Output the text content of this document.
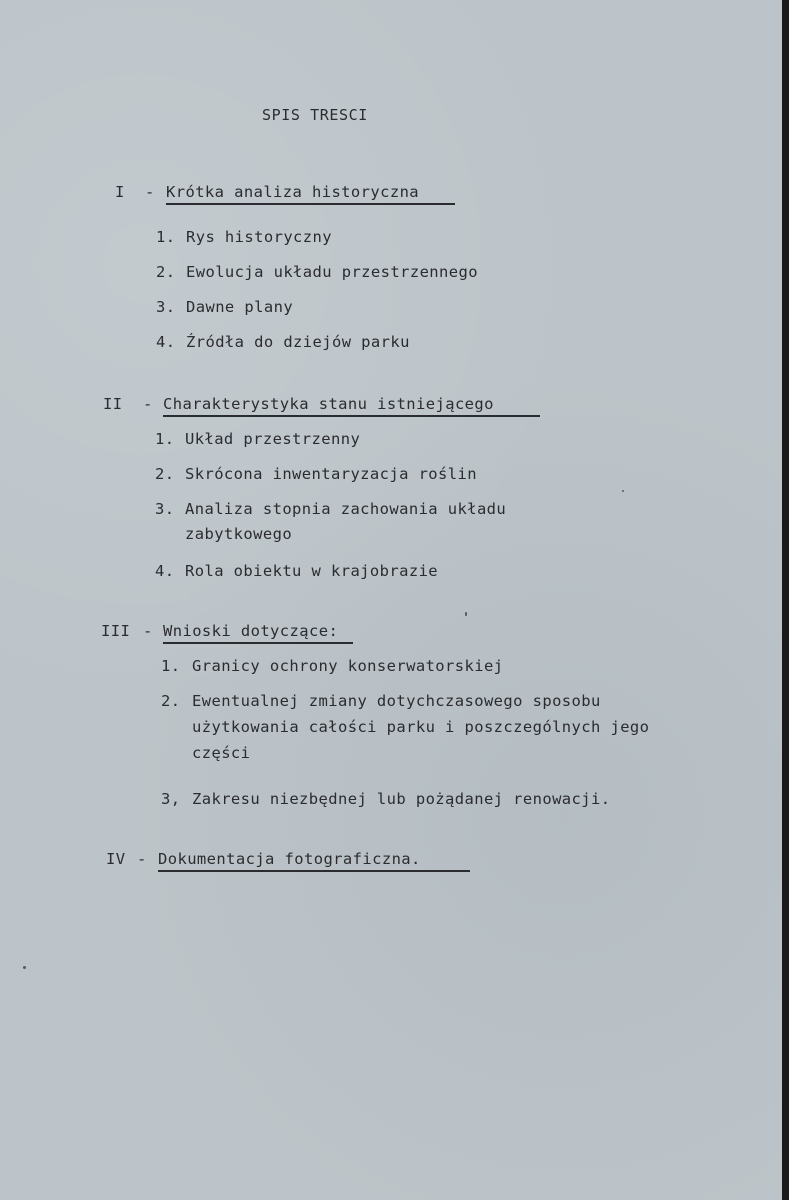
SPIS TRESCI
I - Krótka analiza historyczna
1. Rys historyczny
2. Ewolucja układu przestrzennego
3. Dawne plany
4. Źródła do dziejów parku
II - Charakterystyka stanu istniejącego
1. Układ przestrzenny
2. Skrócona inwentaryzacja roślin
3. Analiza stopnia zachowania układu
zabytkowego
4. Rola obiektu w krajobrazie
III - Wnioski dotyczące:
1. Granicy ochrony konserwatorskiej
2. Ewentualnej zmiany dotychczasowego sposobu
użytkowania całości parku i poszczególnych jego
części
3, Zakresu niezbędnej lub pożądanej renowacji.
IV - Dokumentacja fotograficzna.
